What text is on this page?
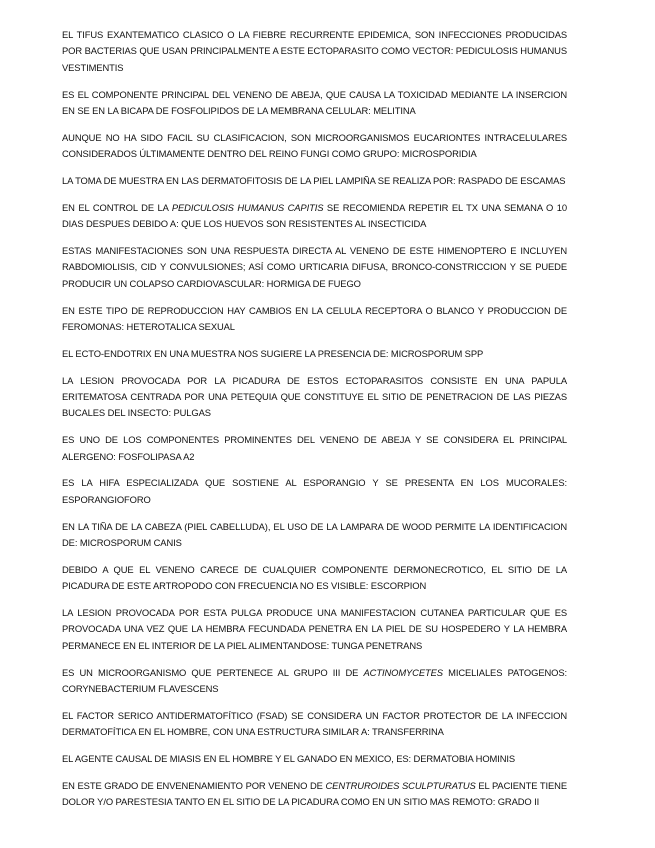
EL TIFUS EXANTEMATICO CLASICO O LA FIEBRE RECURRENTE EPIDEMICA, SON INFECCIONES PRODUCIDAS POR BACTERIAS QUE USAN PRINCIPALMENTE A ESTE ECTOPARASITO COMO VECTOR: PEDICULOSIS HUMANUS VESTIMENTIS

ES EL COMPONENTE PRINCIPAL DEL VENENO DE ABEJA, QUE CAUSA LA TOXICIDAD MEDIANTE LA INSERCION EN SE EN LA BICAPA DE FOSFOLIPIDOS DE LA MEMBRANA CELULAR: MELITINA

AUNQUE NO HA SIDO FACIL SU CLASIFICACION, SON MICROORGANISMOS EUCARIONTES INTRACELULARES CONSIDERADOS ÚLTIMAMENTE DENTRO DEL REINO FUNGI COMO GRUPO: MICROSPORIDIA

LA TOMA DE MUESTRA EN LAS DERMATOFITOSIS DE LA PIEL LAMPIÑA SE REALIZA POR: RASPADO DE ESCAMAS

EN EL CONTROL DE LA PEDICULOSIS HUMANUS CAPITIS SE RECOMIENDA REPETIR EL TX UNA SEMANA O 10 DIAS DESPUES DEBIDO A: QUE LOS HUEVOS SON RESISTENTES AL INSECTICIDA

ESTAS MANIFESTACIONES SON UNA RESPUESTA DIRECTA AL VENENO DE ESTE HIMENOPTERO E INCLUYEN RABDOMIOLISIS, CID Y CONVULSIONES; ASÍ COMO URTICARIA DIFUSA, BRONCO-CONSTRICCION Y SE PUEDE PRODUCIR UN COLAPSO CARDIOVASCULAR: HORMIGA DE FUEGO

EN ESTE TIPO DE REPRODUCCION HAY CAMBIOS EN LA CELULA RECEPTORA O BLANCO Y PRODUCCION DE FEROMONAS: HETEROTALICA SEXUAL

EL ECTO-ENDOTRIX EN UNA MUESTRA NOS SUGIERE LA PRESENCIA DE: MICROSPORUM SPP

LA LESION PROVOCADA POR LA PICADURA DE ESTOS ECTOPARASITOS CONSISTE EN UNA PAPULA ERITEMATOSA CENTRADA POR UNA PETEQUIA QUE CONSTITUYE EL SITIO DE PENETRACION DE LAS PIEZAS BUCALES DEL INSECTO: PULGAS

ES UNO DE LOS COMPONENTES PROMINENTES DEL VENENO DE ABEJA Y SE CONSIDERA EL PRINCIPAL ALERGENO: FOSFOLIPASA A2

ES LA HIFA ESPECIALIZADA QUE SOSTIENE AL ESPORANGIO Y SE PRESENTA EN LOS MUCORALES: ESPORANGIOFORO

EN LA TIÑA DE LA CABEZA (PIEL CABELLUDA), EL USO DE LA LAMPARA DE WOOD PERMITE LA IDENTIFICACION DE: MICROSPORUM CANIS

DEBIDO A QUE EL VENENO CARECE DE CUALQUIER COMPONENTE DERMONECROTICO, EL SITIO DE LA PICADURA DE ESTE ARTROPODO CON FRECUENCIA NO ES VISIBLE: ESCORPION

LA LESION PROVOCADA POR ESTA PULGA PRODUCE UNA MANIFESTACION CUTANEA PARTICULAR QUE ES PROVOCADA UNA VEZ QUE LA HEMBRA FECUNDADA PENETRA EN LA PIEL DE SU HOSPEDERO Y LA HEMBRA PERMANECE EN EL INTERIOR DE LA PIEL ALIMENTANDOSE: TUNGA PENETRANS

ES UN MICROORGANISMO QUE PERTENECE AL GRUPO III DE ACTINOMYCETES MICELIALES PATOGENOS: CORYNEBACTERIUM FLAVESCENS

EL FACTOR SERICO ANTIDERMATOFÍTICO (FSAD) SE CONSIDERA UN FACTOR PROTECTOR DE LA INFECCION DERMATOFÍTICA EN EL HOMBRE, CON UNA ESTRUCTURA SIMILAR A: TRANSFERRINA

EL AGENTE CAUSAL DE MIASIS EN EL HOMBRE Y EL GANADO EN MEXICO, ES: DERMATOBIA HOMINIS

EN ESTE GRADO DE ENVENENAMIENTO POR VENENO DE CENTRUROIDES SCULPTURATUS EL PACIENTE TIENE DOLOR Y/O PARESTESIA TANTO EN EL SITIO DE LA PICADURA COMO EN UN SITIO MAS REMOTO: GRADO II
